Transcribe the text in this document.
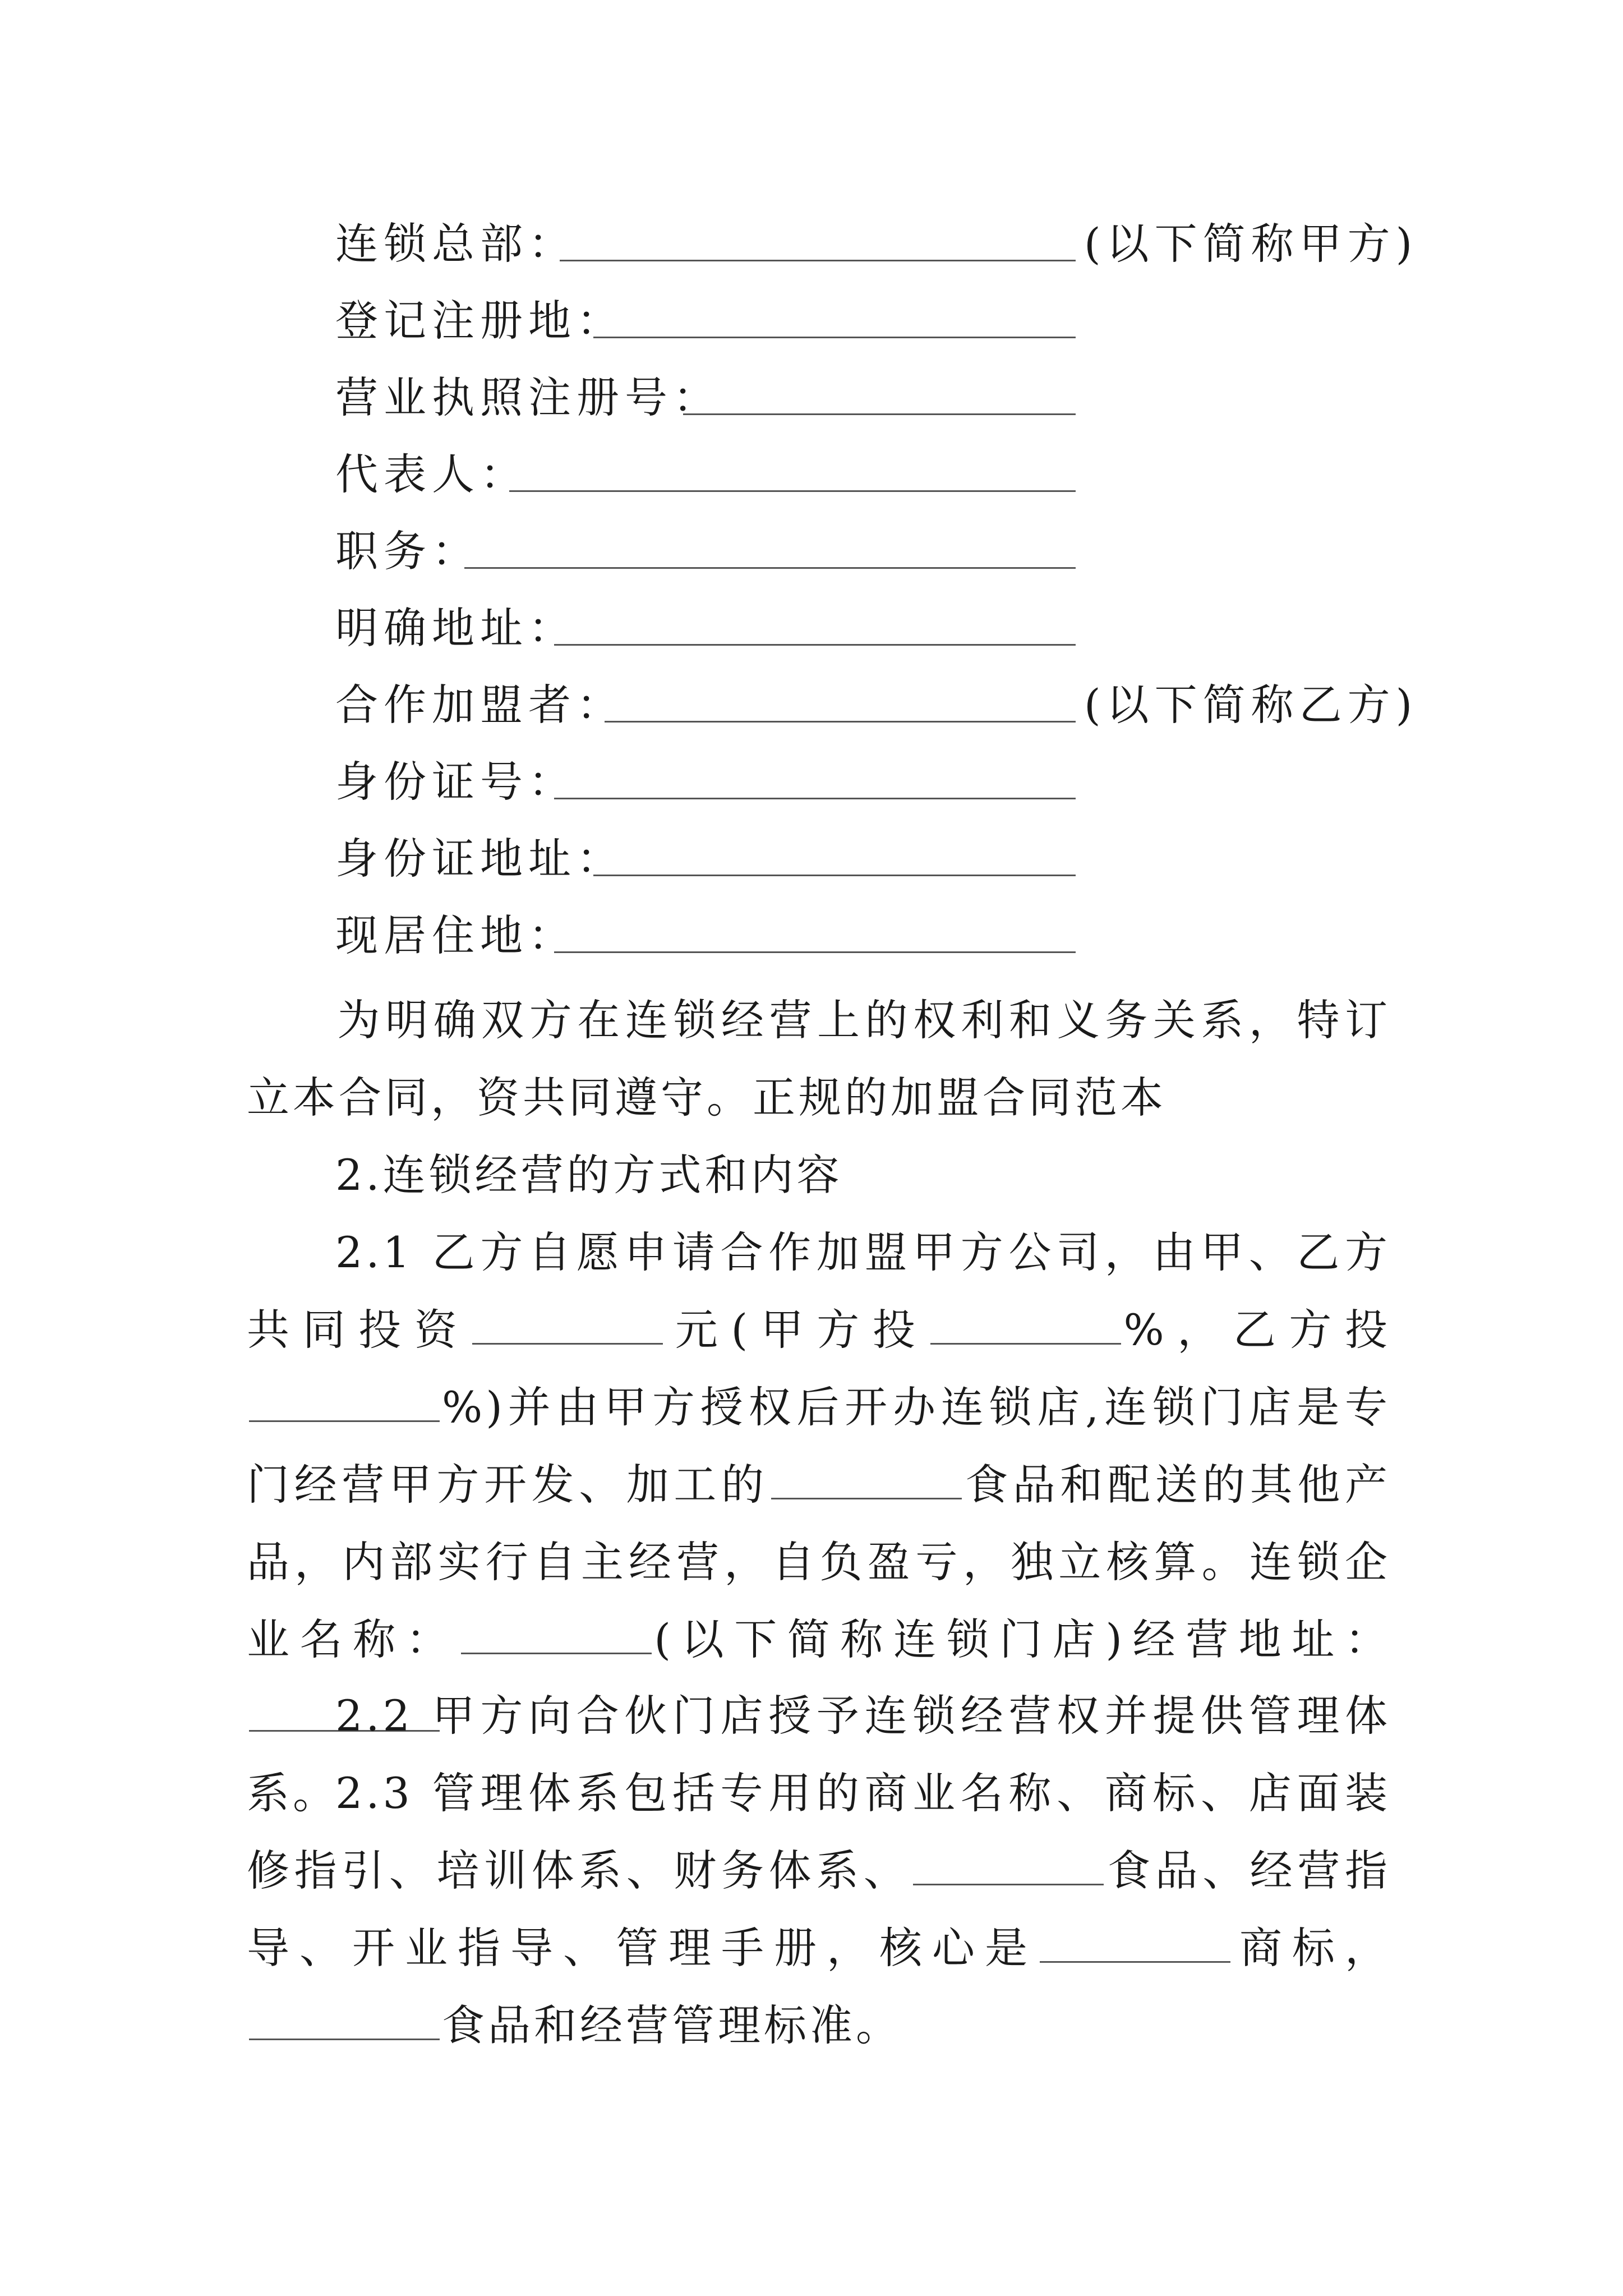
连锁总部：	(以下简称甲方)
登记注册地：
营业执照注册号：
代表人：
职务：
明确地址：
合作加盟者：	(以下简称乙方)
身份证号：
身份证地址：
现居住地：
为明确双方在连锁经营上的权利和义务关系，特订立本合同，资共同遵守。正规的加盟合同范本
2.连锁经营的方式和内容
2.1 乙方自愿申请合作加盟甲方公司，由甲、乙方共同投资	元(甲方投	%，乙方投%)并由甲方授权后开办连锁店,连锁门店是专门经营甲方开发、加工的	食品和配送的其他产品，内部实行自主经营，自负盈亏，独立核算。连锁企业名称：	(以下简称连锁门店)经营地址：
2.2 甲方向合伙门店授予连锁经营权并提供管理体系。
2.3 管理体系包括专用的商业名称、商标、店面装修指引、培训体系、财务体系、	食品、经营指导、开业指导、管理手册，核心是	商标，食品和经营管理标准。
